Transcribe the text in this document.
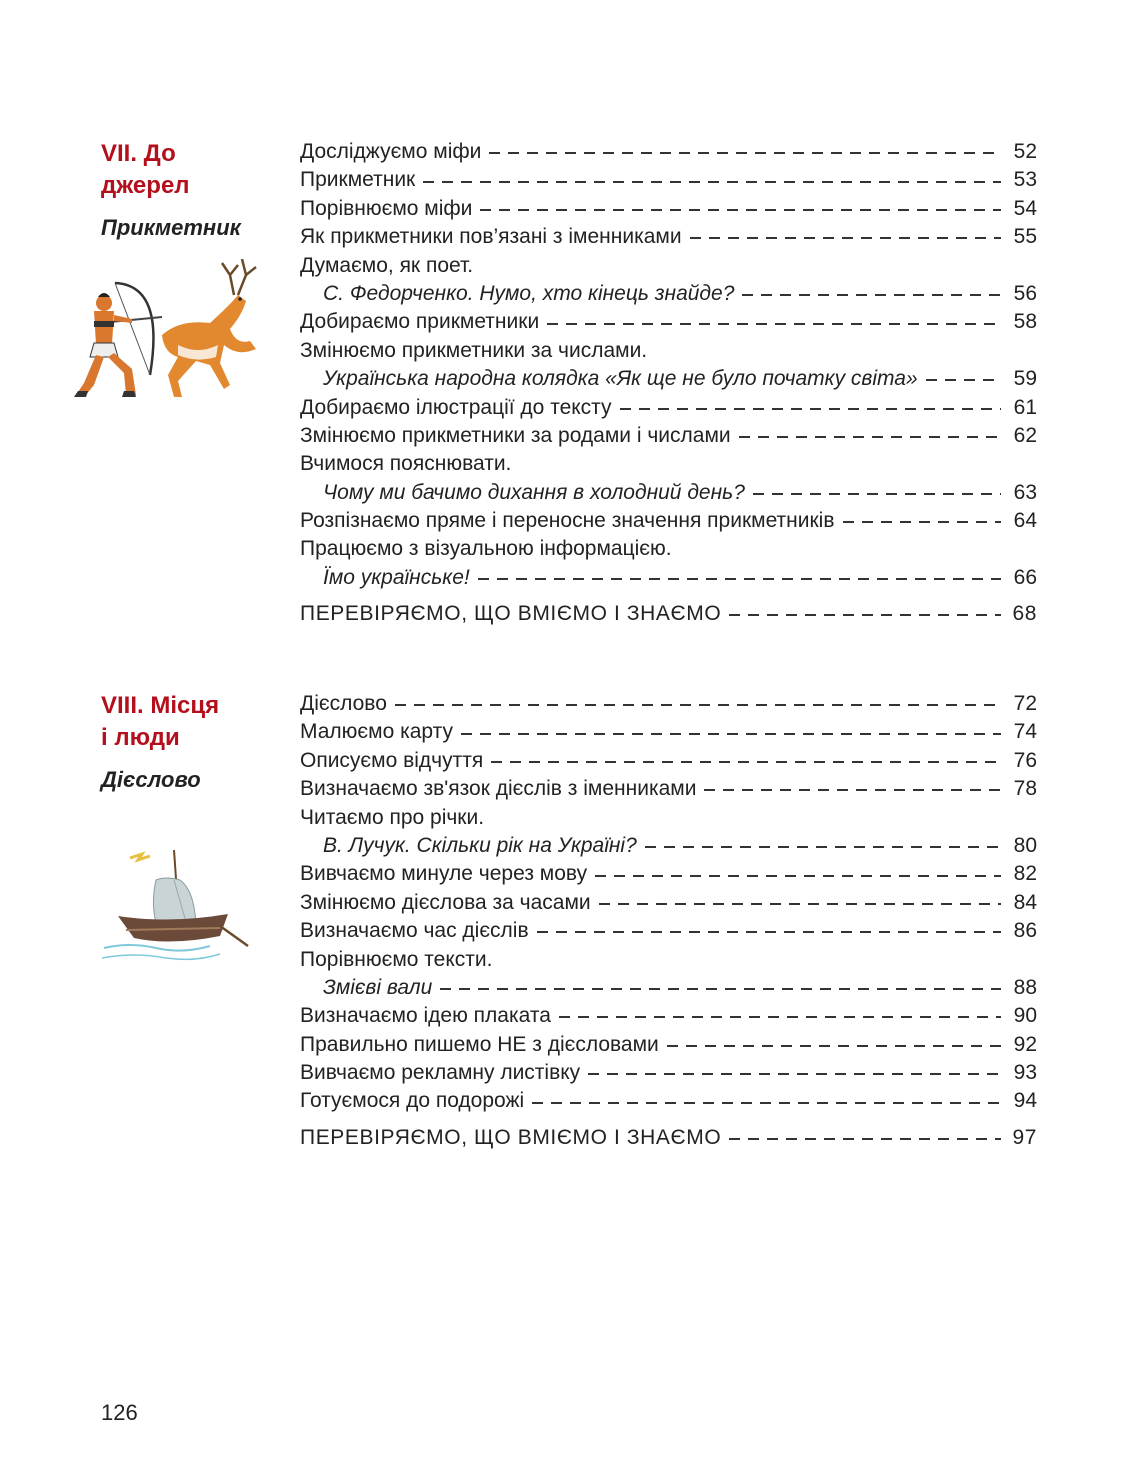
VII. До
джерел

Прикметник

Досліджуємо міфи	52
Прикметник	53
Порівнюємо міфи	54
Як прикметники пов’язані з іменниками	55
Думаємо, як поет.
С. Федорченко. Нумо, хто кінець знайде?	56
Добираємо прикметники	58
Змінюємо прикметники за числами.
Українська народна колядка «Як ще не було початку світа»	59
Добираємо ілюстрації до тексту	61
Змінюємо прикметники за родами і числами	62
Вчимося пояснювати.
Чому ми бачимо дихання в холодний день?	63
Розпізнаємо пряме і переносне значення прикметників	64
Працюємо з візуальною інформацією.
Їмо українське!	66
ПЕРЕВІРЯЄМО, ЩО ВМІЄМО І ЗНАЄМО	68
VIII. Місця
і люди

Дієслово

Дієслово	72
Малюємо карту	74
Описуємо відчуття	76
Визначаємо зв'язок дієслів з іменниками	78
Читаємо про річки.
В. Лучук. Скільки рік на Україні?	80
Вивчаємо минуле через мову	82
Змінюємо дієслова за часами	84
Визначаємо час дієслів	86
Порівнюємо тексти.
Змієві вали	88
Визначаємо ідею плаката	90
Правильно пишемо НЕ з дієсловами	92
Вивчаємо рекламну листівку	93
Готуємося до подорожі	94
ПЕРЕВІРЯЄМО, ЩО ВМІЄМО І ЗНАЄМО	97
126
